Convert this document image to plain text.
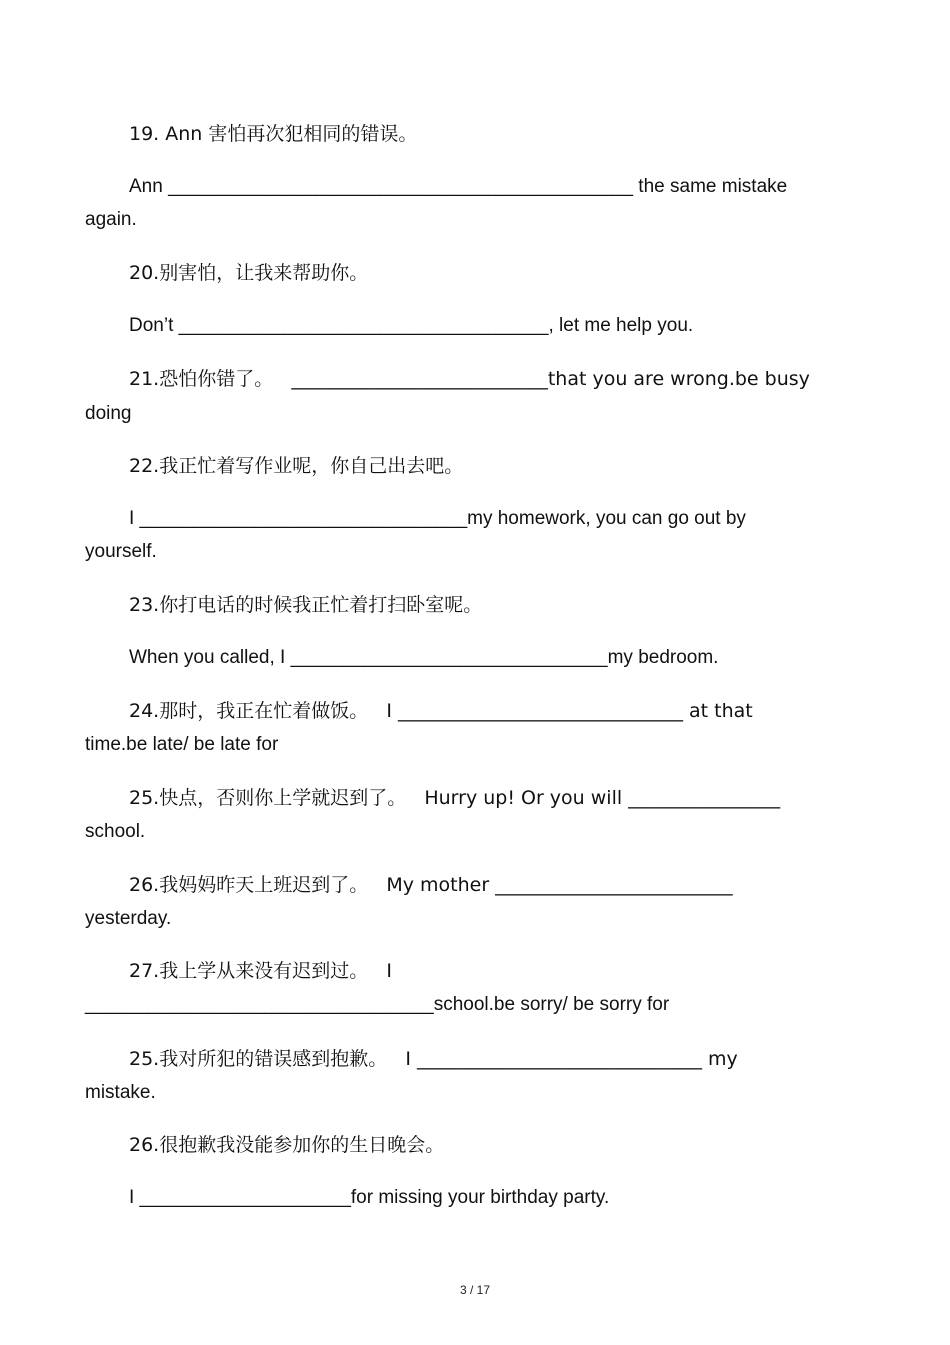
19. Ann 害怕再次犯相同的错误。
Ann ____________________________________________ the same mistake
again.
20.别害怕，让我来帮助你。
Don’t ___________________________________, let me help you.
21.恐怕你错了。   ___________________________that you are wrong.be busy
doing
22.我正忙着写作业呢，你自己出去吧。
I _______________________________my homework, you can go out by
yourself.
23.你打电话的时候我正忙着打扫卧室呢。
When you called, I ______________________________my bedroom.
24.那时，我正在忙着做饭。   I ______________________________ at that
time.be late/ be late for
25.快点，否则你上学就迟到了。   Hurry up! Or you will ________________
school.
26.我妈妈昨天上班迟到了。   My mother _________________________
yesterday.
27.我上学从来没有迟到过。   I
_________________________________school.be sorry/ be sorry for
25.我对所犯的错误感到抱歉。   I ______________________________ my
mistake.
26.很抱歉我没能参加你的生日晚会。
I ____________________for missing your birthday party.
3 / 17
